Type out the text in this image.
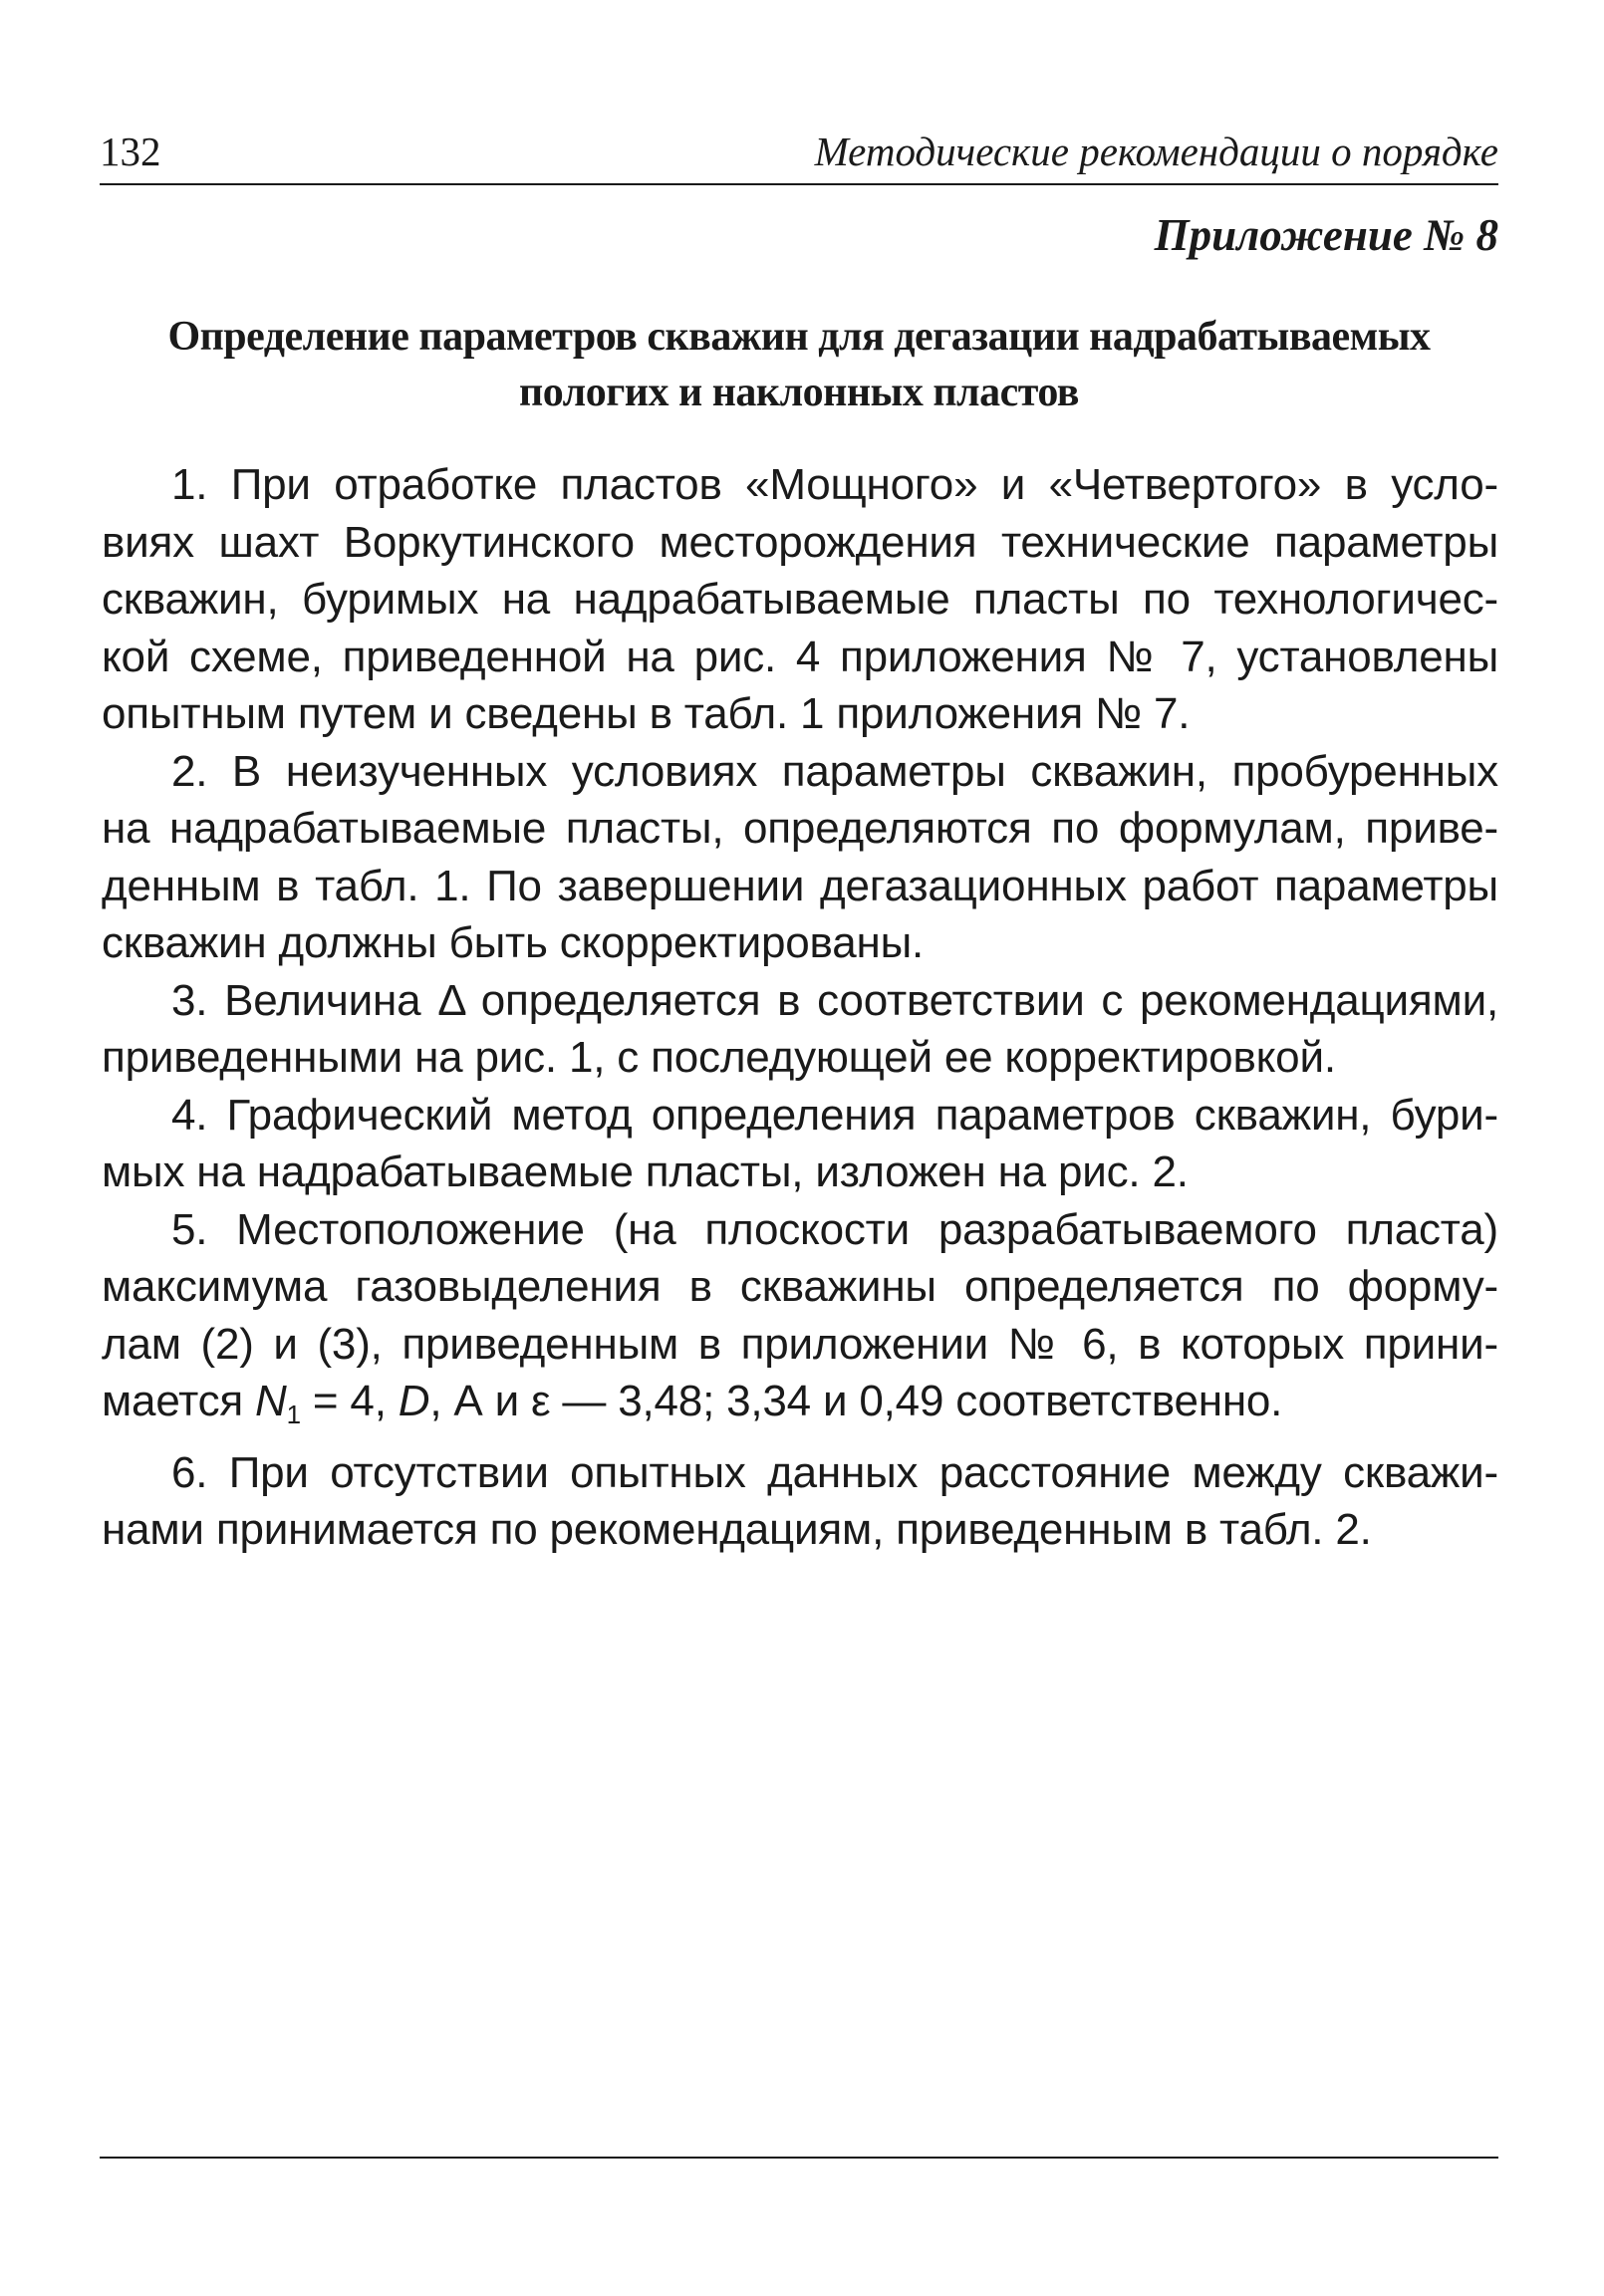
132	Методические рекомендации о порядке
Приложение № 8
Определение параметров скважин для дегазации надрабатываемых
пологих и наклонных пластов

1. При отработке пластов «Мощного» и «Четвертого» в усло-
виях шахт Воркутинского месторождения технические параметры
скважин, буримых на надрабатываемые пласты по технологичес-
кой схеме, приведенной на рис. 4 приложения № 7, установлены
опытным путем и сведены в табл. 1 приложения № 7.

2. В неизученных условиях параметры скважин, пробуренных
на надрабатываемые пласты, определяются по формулам, приве-
денным в табл. 1. По завершении дегазационных работ параметры
скважин должны быть скорректированы.

3. Величина Δ определяется в соответствии с рекомендациями,
приведенными на рис. 1, с последующей ее корректировкой.

4. Графический метод определения параметров скважин, бури-
мых на надрабатываемые пласты, изложен на рис. 2.

5. Местоположение (на плоскости разрабатываемого пласта)
максимума газовыделения в скважины определяется по форму-
лам (2) и (3), приведенным в приложении № 6, в которых прини-
мается $N_1 = 4$, D, А и ε — 3,48; 3,34 и 0,49 соответственно.

6. При отсутствии опытных данных расстояние между скважи-
нами принимается по рекомендациям, приведенным в табл. 2.
